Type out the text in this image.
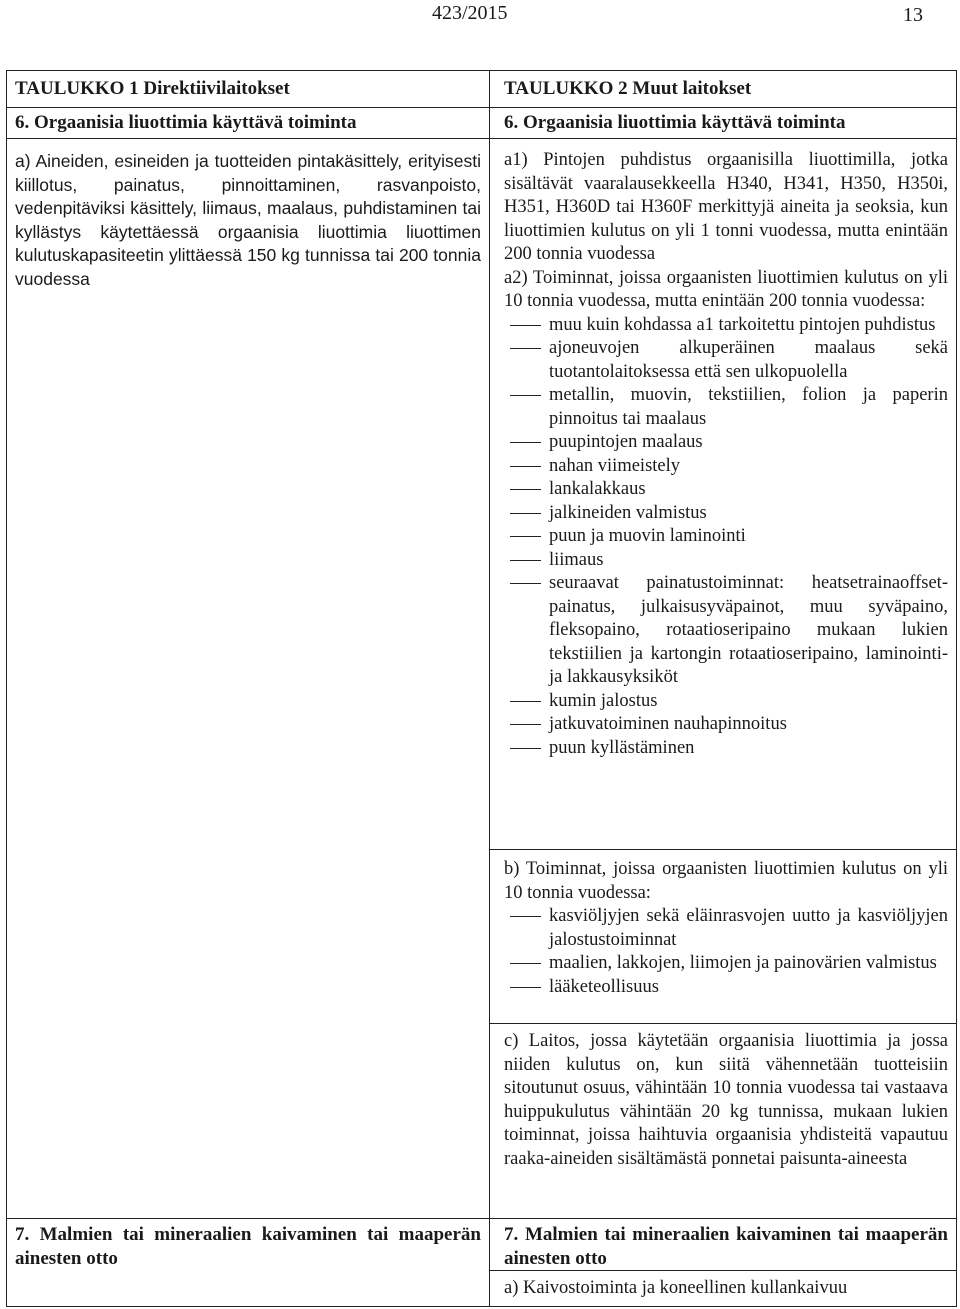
423/2015	13
TAULUKKO 1 Direktiivilaitokset
6. Orgaanisia liuottimia käyttävä toiminta

a) Aineiden, esineiden ja tuotteiden pintakäsittely, erityisesti kiillotus, painatus, pinnoittaminen, rasvanpoisto, vedenpitäviksi käsittely, liimaus, maalaus, puhdistaminen tai kyllästys käytettäessä orgaanisia liuottimia liuottimen kulutuskapasiteetin ylittäessä 150 kg tunnissa tai 200 tonnia vuodessa

7. Malmien tai mineraalien kaivaminen tai maaperän ainesten otto

TAULUKKO 2 Muut laitokset
6. Orgaanisia liuottimia käyttävä toiminta

a1) Pintojen puhdistus orgaanisilla liuottimilla, jotka sisältävät vaaralausekkeella H340, H341, H350, H350i, H351, H360D tai H360F merkittyjä aineita ja seoksia, kun liuottimien kulutus on yli 1 tonni vuodessa, mutta enintään 200 tonnia vuodessa

a2) Toiminnat, joissa orgaanisten liuottimien kulutus on yli 10 tonnia vuodessa, mutta enintään 200 tonnia vuodessa:

muu kuin kohdassa a1 tarkoitettu pintojen puhdistus

ajoneuvojen alkuperäinen maalaus sekä tuotantolaitoksessa että sen ulkopuolella

metallin, muovin, tekstiilien, folion ja paperin pinnoitus tai maalaus

puupintojen maalaus

nahan viimeistely

lankalakkaus

jalkineiden valmistus

puun ja muovin laminointi

liimaus

seuraavat painatustoiminnat: heatsetrainaoffset-painatus, julkaisusyväpainot, muu syväpaino, fleksopaino, rotaatioseripaino mukaan lukien tekstiilien ja kartongin rotaatioseripaino, laminointi- ja lakkausyksiköt

kumin jalostus

jatkuvatoiminen nauhapinnoitus

puun kyllästäminen

b) Toiminnat, joissa orgaanisten liuottimien kulutus on yli 10 tonnia vuodessa:

kasviöljyjen sekä eläinrasvojen uutto ja kasviöljyjen jalostustoiminnat

maalien, lakkojen, liimojen ja painovärien valmistus

lääketeollisuus

c) Laitos, jossa käytetään orgaanisia liuottimia ja jossa niiden kulutus on, kun siitä vähennetään tuotteisiin sitoutunut osuus, vähintään 10 tonnia vuodessa tai vastaava huippukulutus vähintään 20 kg tunnissa, mukaan lukien toiminnat, joissa haihtuvia orgaanisia yhdisteitä vapautuu raaka-aineiden sisältämästä ponnetai paisunta-aineesta

7. Malmien tai mineraalien kaivaminen tai maaperän ainesten otto

a) Kaivostoiminta ja koneellinen kullankaivuu
